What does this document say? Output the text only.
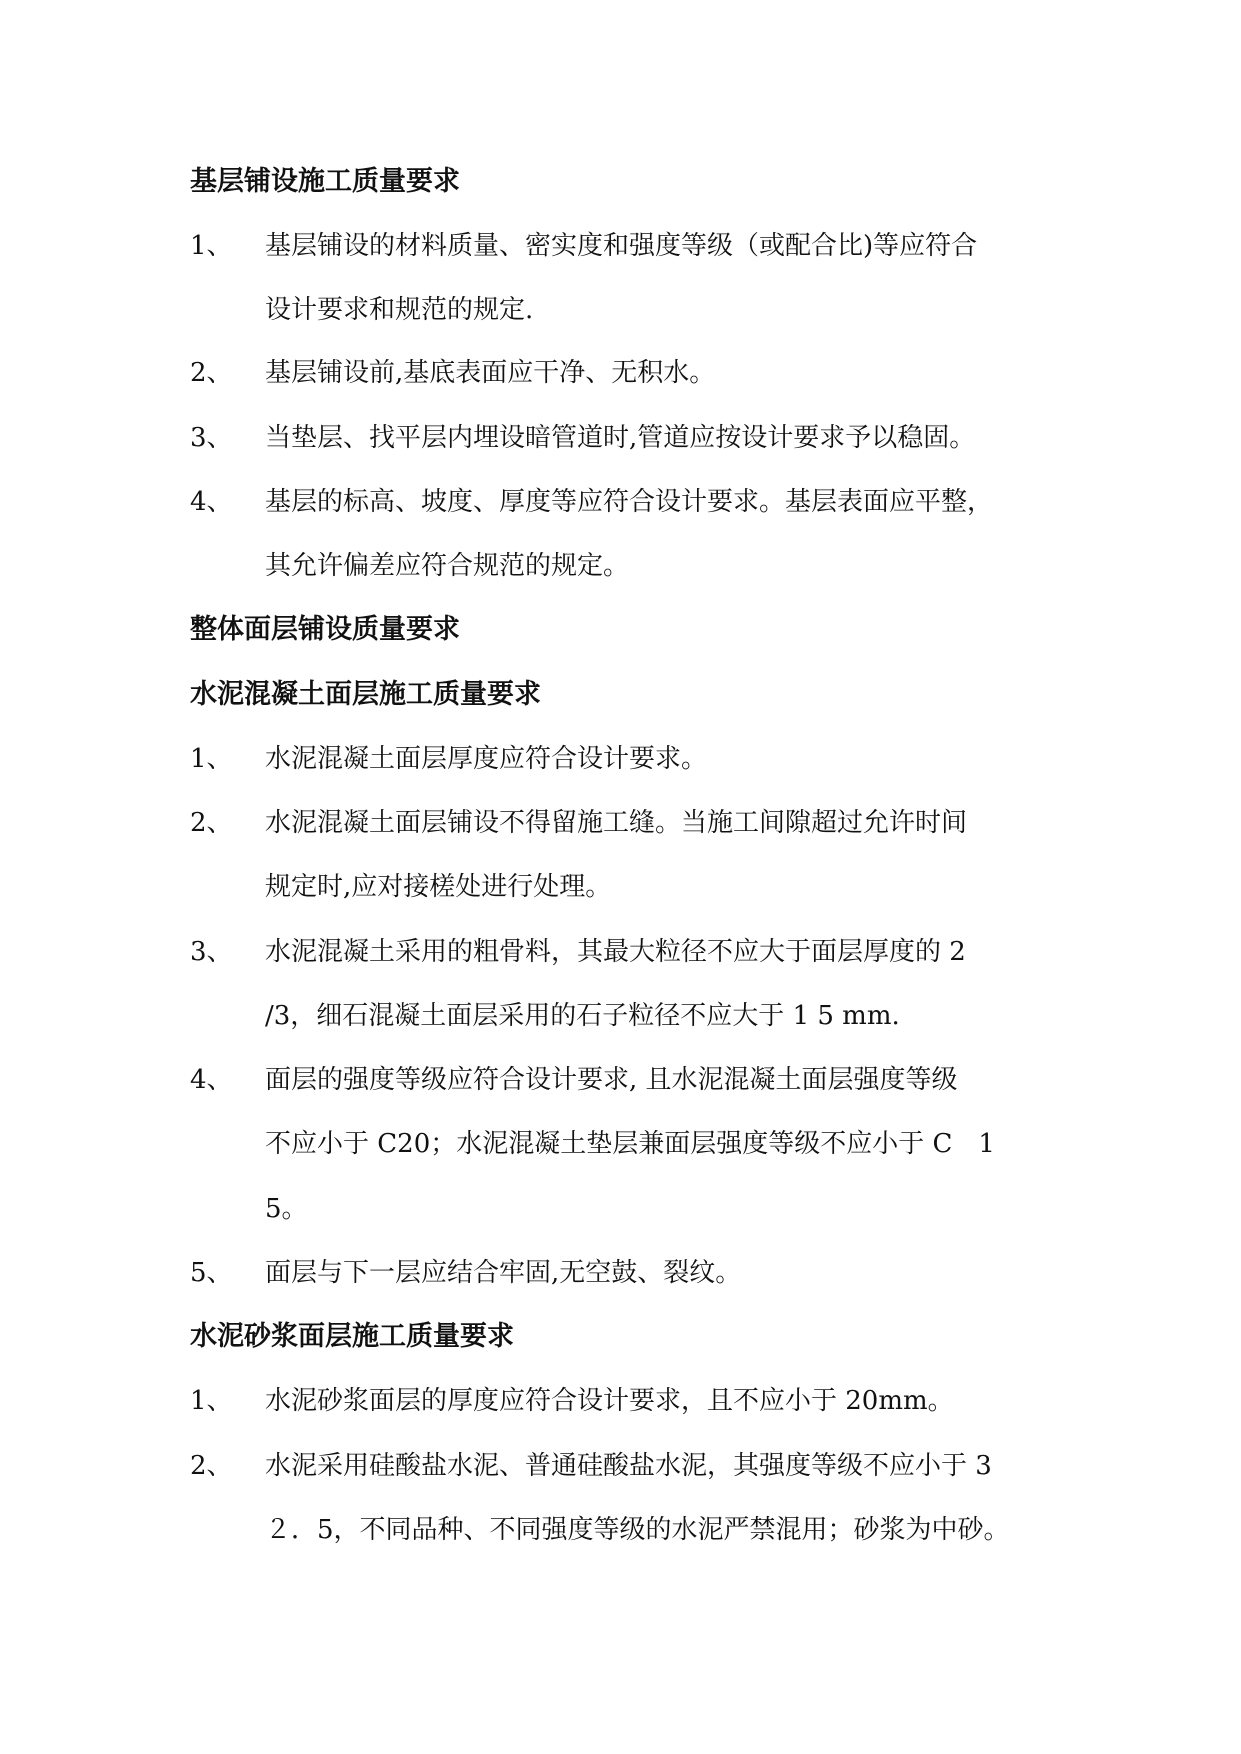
基层铺设施工质量要求
1、 基层铺设的材料质量、密实度和强度等级（或配合比)等应符合
设计要求和规范的规定.
2、 基层铺设前,基底表面应干净、无积水。
3、 当垫层、找平层内埋设暗管道时,管道应按设计要求予以稳固。
4、 基层的标高、坡度、厚度等应符合设计要求。基层表面应平整，
其允许偏差应符合规范的规定。
整体面层铺设质量要求
水泥混凝土面层施工质量要求
1、 水泥混凝土面层厚度应符合设计要求。
2、 水泥混凝土面层铺设不得留施工缝。当施工间隙超过允许时间
规定时,应对接槎处进行处理。
3、 水泥混凝土采用的粗骨料，其最大粒径不应大于面层厚度的 2
/3，细石混凝土面层采用的石子粒径不应大于 1 5 mm.
4、 面层的强度等级应符合设计要求, 且水泥混凝土面层强度等级
不应小于 C20；水泥混凝土垫层兼面层强度等级不应小于 C　1
5。
5、 面层与下一层应结合牢固,无空鼓、裂纹。
水泥砂浆面层施工质量要求
1、 水泥砂浆面层的厚度应符合设计要求，且不应小于 20mm。
2、 水泥采用硅酸盐水泥、普通硅酸盐水泥，其强度等级不应小于 3
２．5，不同品种、不同强度等级的水泥严禁混用；砂浆为中砂。
